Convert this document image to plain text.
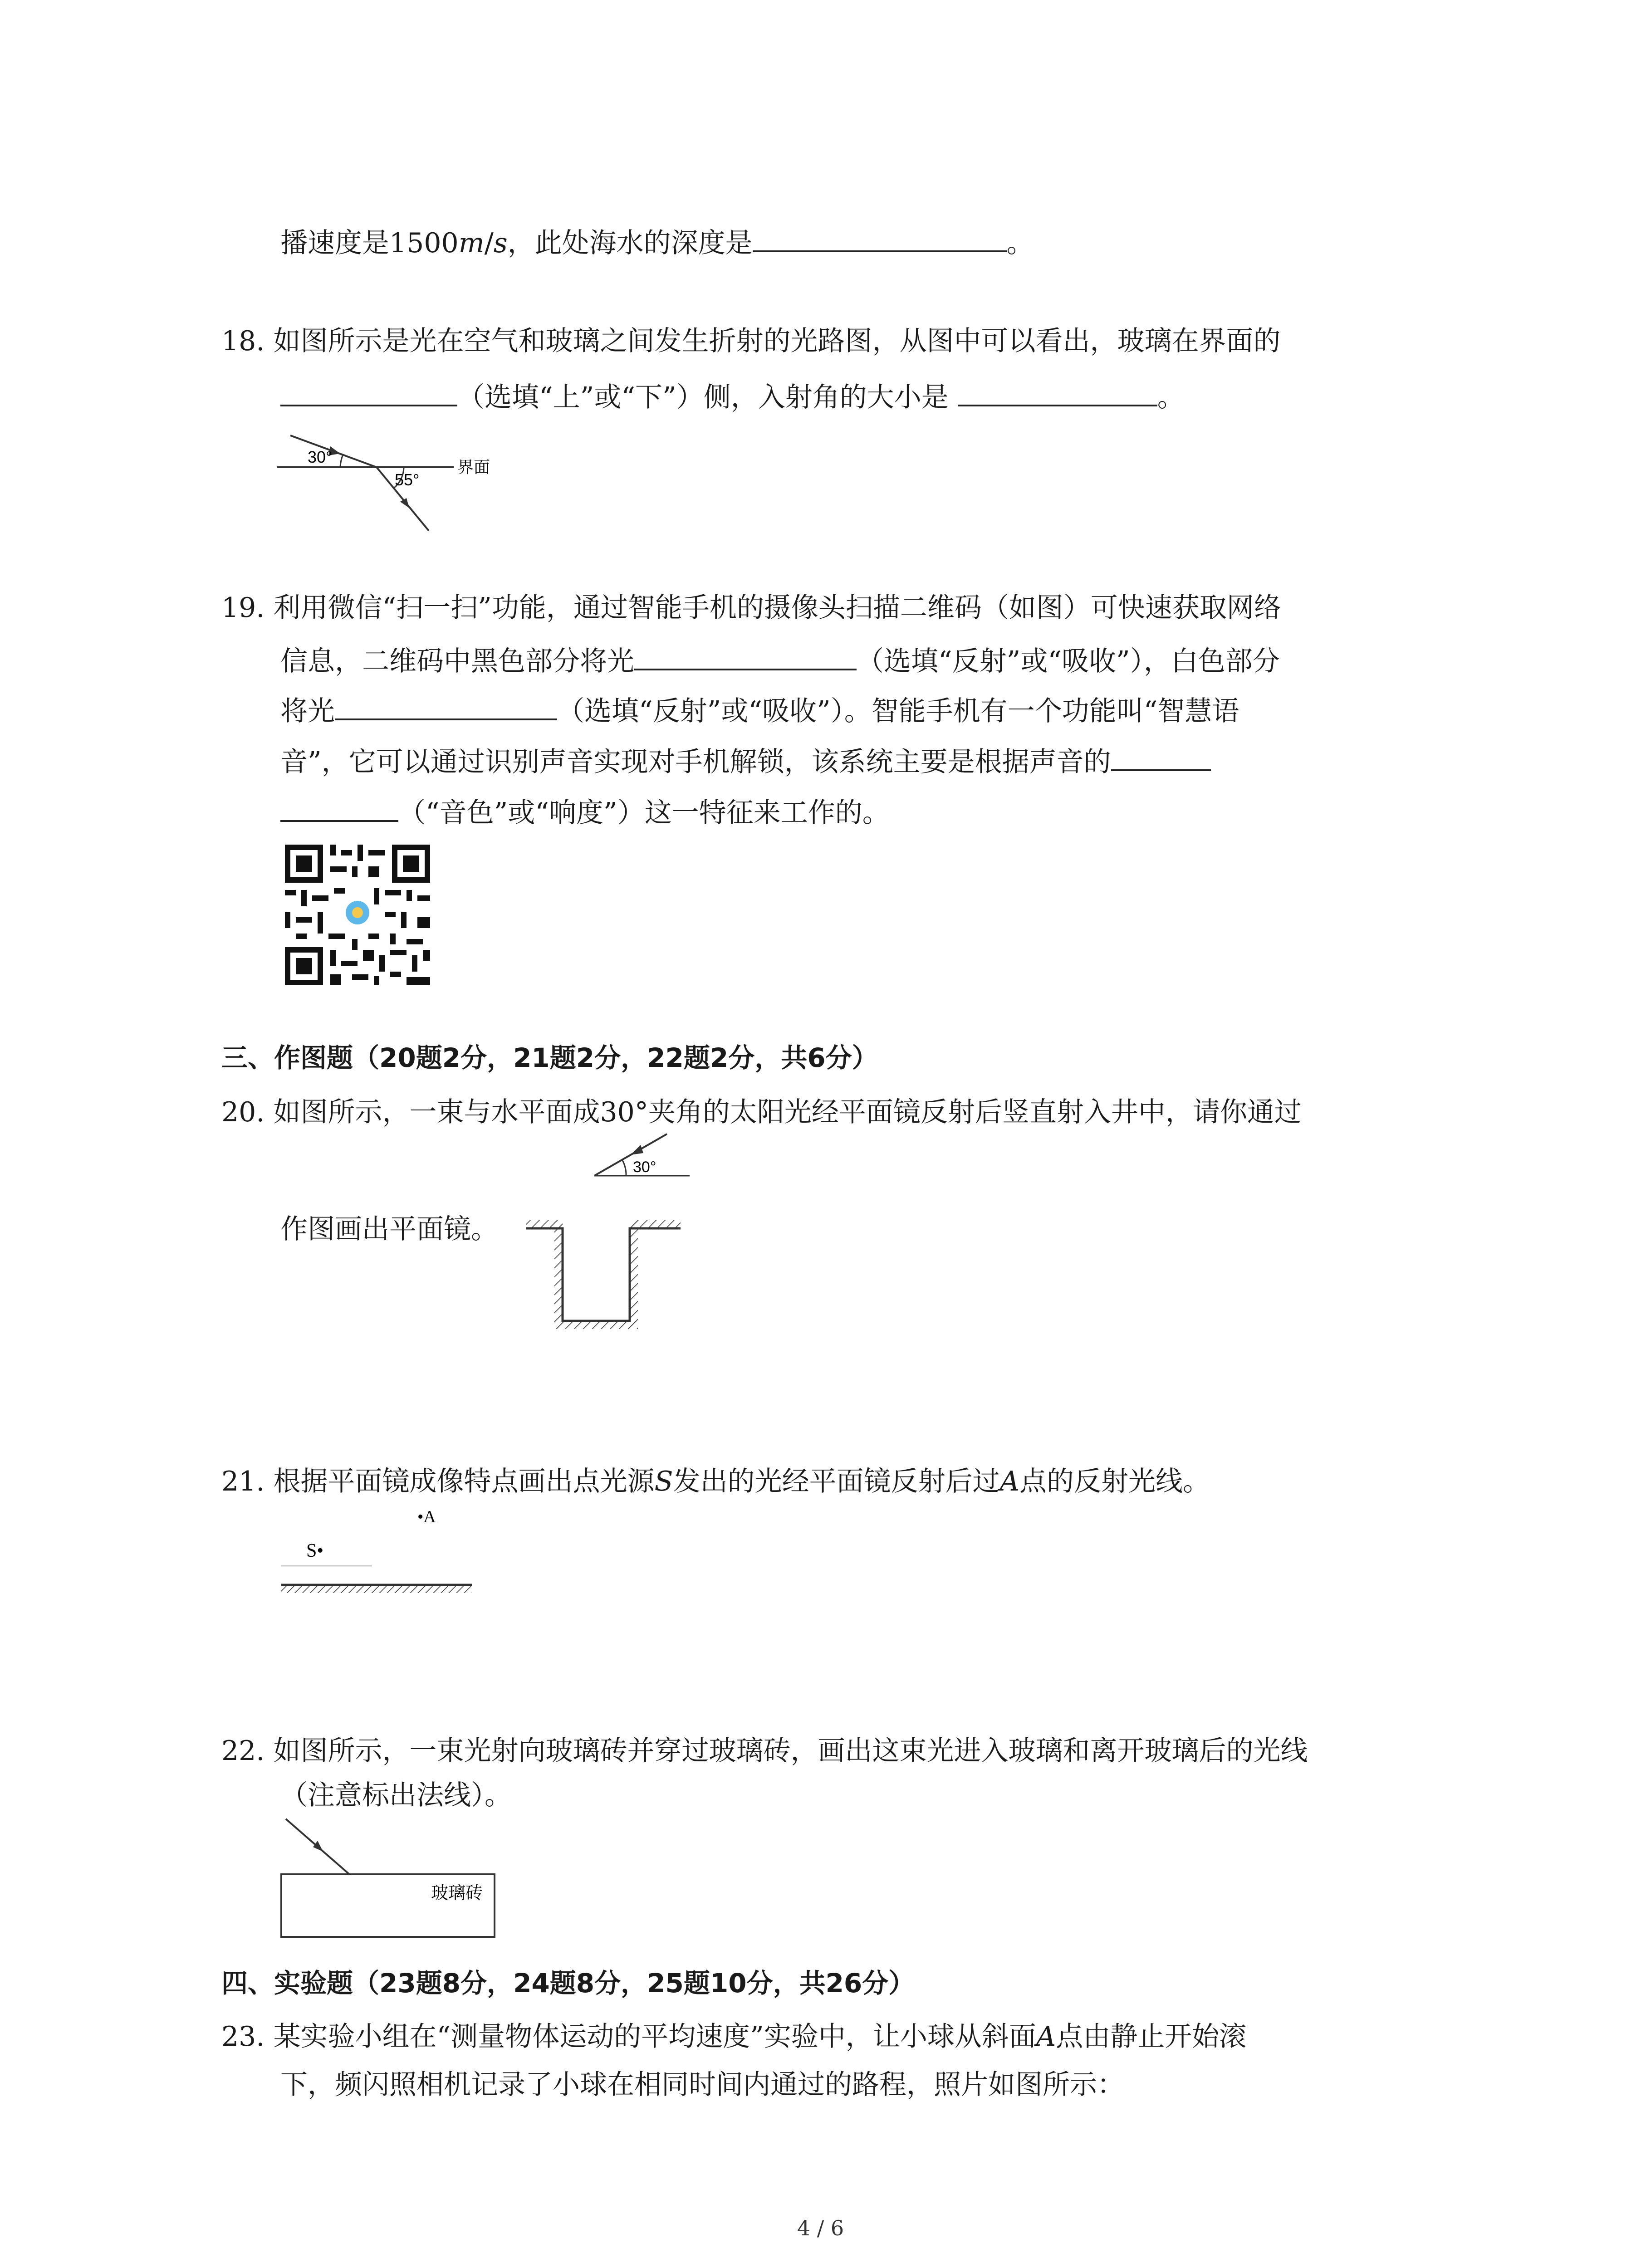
播速度是1500m/s，此处海水的深度是	。
18. 如图所示是光在空气和玻璃之间发生折射的光路图，从图中可以看出，玻璃在界面的
（选填“上”或“下”）侧，入射角的大小是	。
30°
55°
界面
19. 利用微信“扫一扫”功能，通过智能手机的摄像头扫描二维码（如图）可快速获取网络
信息，二维码中黑色部分将光	（选填“反射”或“吸收”），白色部分
将光	（选填“反射”或“吸收”）。智能手机有一个功能叫“智慧语
音”，它可以通过识别声音实现对手机解锁，该系统主要是根据声音的
（“音色”或“响度”）这一特征来工作的。
三、作图题（20题2分，21题2分，22题2分，共6分）
20. 如图所示，一束与水平面成30°夹角的太阳光经平面镜反射后竖直射入井中，请你通过
作图画出平面镜。
30°
21. 根据平面镜成像特点画出点光源S发出的光经平面镜反射后过A点的反射光线。
•A
S•
22. 如图所示，一束光射向玻璃砖并穿过玻璃砖，画出这束光进入玻璃和离开玻璃后的光线
（注意标出法线）。
玻璃砖
四、实验题（23题8分，24题8分，25题10分，共26分）
23. 某实验小组在“测量物体运动的平均速度”实验中，让小球从斜面A点由静止开始滚
下，频闪照相机记录了小球在相同时间内通过的路程，照片如图所示：
4 / 6
